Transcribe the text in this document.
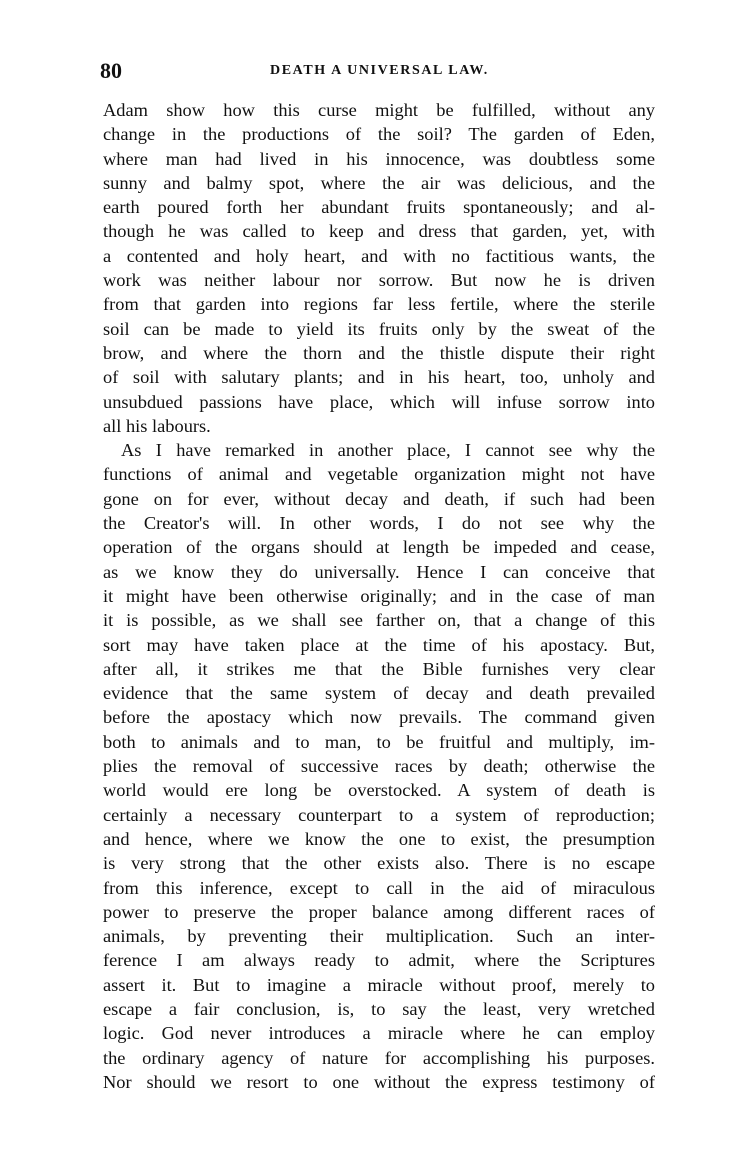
80	DEATH A UNIVERSAL LAW.
Adam show how this curse might be fulfilled, without any
change in the productions of the soil? The garden of Eden,
where man had lived in his innocence, was doubtless some
sunny and balmy spot, where the air was delicious, and the
earth poured forth her abundant fruits spontaneously; and al-
though he was called to keep and dress that garden, yet, with
a contented and holy heart, and with no factitious wants, the
work was neither labour nor sorrow. But now he is driven
from that garden into regions far less fertile, where the sterile
soil can be made to yield its fruits only by the sweat of the
brow, and where the thorn and the thistle dispute their right
of soil with salutary plants; and in his heart, too, unholy and
unsubdued passions have place, which will infuse sorrow into
all his labours.
As I have remarked in another place, I cannot see why the
functions of animal and vegetable organization might not have
gone on for ever, without decay and death, if such had been
the Creator's will. In other words, I do not see why the
operation of the organs should at length be impeded and cease,
as we know they do universally. Hence I can conceive that
it might have been otherwise originally; and in the case of man
it is possible, as we shall see farther on, that a change of this
sort may have taken place at the time of his apostacy. But,
after all, it strikes me that the Bible furnishes very clear
evidence that the same system of decay and death prevailed
before the apostacy which now prevails. The command given
both to animals and to man, to be fruitful and multiply, im-
plies the removal of successive races by death; otherwise the
world would ere long be overstocked. A system of death is
certainly a necessary counterpart to a system of reproduction;
and hence, where we know the one to exist, the presumption
is very strong that the other exists also. There is no escape
from this inference, except to call in the aid of miraculous
power to preserve the proper balance among different races of
animals, by preventing their multiplication. Such an inter-
ference I am always ready to admit, where the Scriptures
assert it. But to imagine a miracle without proof, merely to
escape a fair conclusion, is, to say the least, very wretched
logic. God never introduces a miracle where he can employ
the ordinary agency of nature for accomplishing his purposes.
Nor should we resort to one without the express testimony of
